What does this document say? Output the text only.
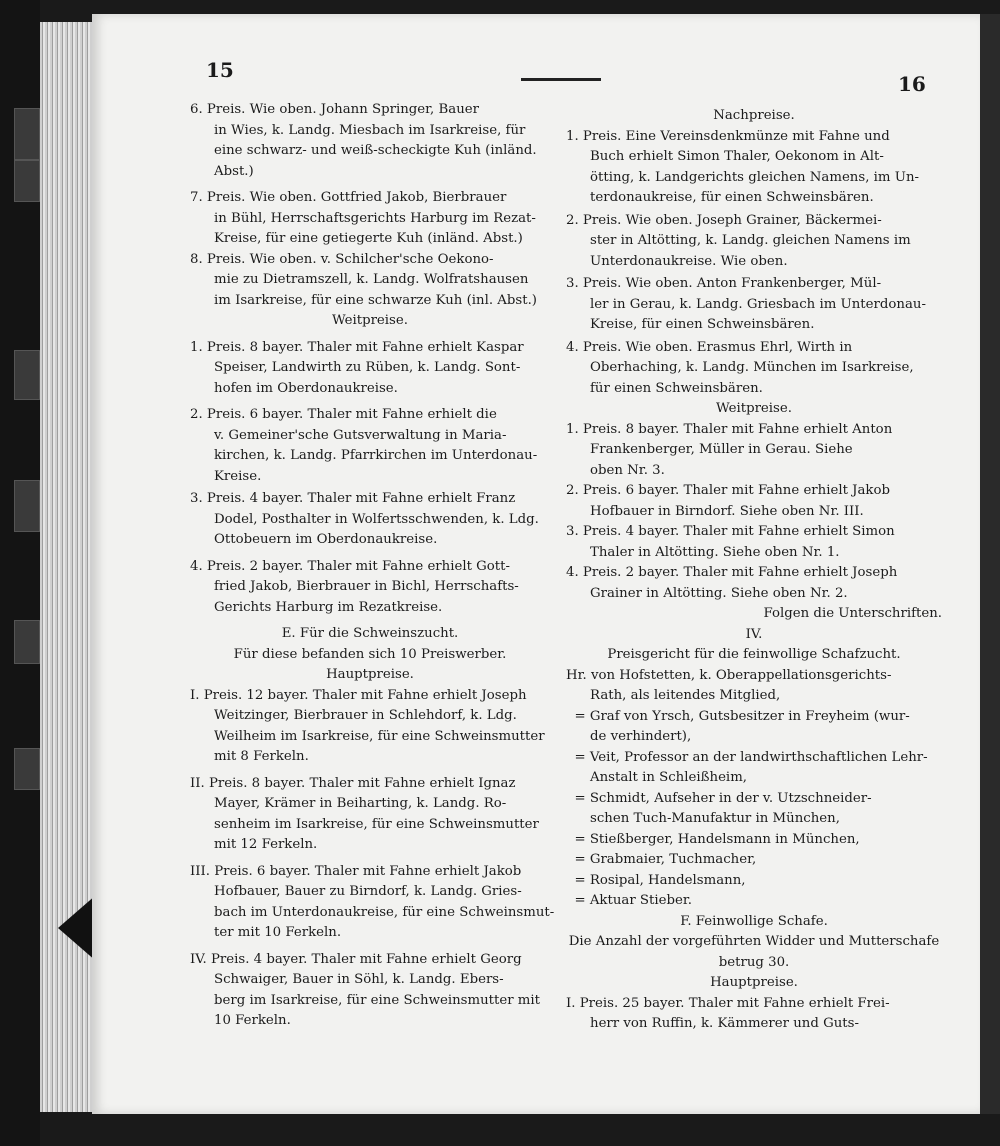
15
16
6. Preis. Wie oben. Johann Springer, Bauer
in Wies, k. Landg. Miesbach im Isarkreise, für
eine schwarz- und weiß-scheckigte Kuh (inländ.
Abst.)
7. Preis. Wie oben. Gottfried Jakob, Bierbrauer
in Bühl, Herrschaftsgerichts Harburg im Rezat-
Kreise, für eine getiegerte Kuh (inländ. Abst.)
8. Preis. Wie oben. v. Schilcher'sche Oekono-
mie zu Dietramszell, k. Landg. Wolfratshausen
im Isarkreise, für eine schwarze Kuh (inl. Abst.)
Weitpreise.
1. Preis. 8 bayer. Thaler mit Fahne erhielt Kaspar
Speiser, Landwirth zu Rüben, k. Landg. Sont-
hofen im Oberdonaukreise.
2. Preis. 6 bayer. Thaler mit Fahne erhielt die
v. Gemeiner'sche Gutsverwaltung in Maria-
kirchen, k. Landg. Pfarrkirchen im Unterdonau-
Kreise.
3. Preis. 4 bayer. Thaler mit Fahne erhielt Franz
Dodel, Posthalter in Wolfertsschwenden, k. Ldg.
Ottobeuern im Oberdonaukreise.
4. Preis. 2 bayer. Thaler mit Fahne erhielt Gott-
fried Jakob, Bierbrauer in Bichl, Herrschafts-
Gerichts Harburg im Rezatkreise.
E. Für die Schweinszucht.
Für diese befanden sich 10 Preiswerber.
Hauptpreise.
I. Preis. 12 bayer. Thaler mit Fahne erhielt Joseph
Weitzinger, Bierbrauer in Schlehdorf, k. Ldg.
Weilheim im Isarkreise, für eine Schweinsmutter
mit 8 Ferkeln.
II. Preis. 8 bayer. Thaler mit Fahne erhielt Ignaz
Mayer, Krämer in Beiharting, k. Landg. Ro-
senheim im Isarkreise, für eine Schweinsmutter
mit 12 Ferkeln.
III. Preis. 6 bayer. Thaler mit Fahne erhielt Jakob
Hofbauer, Bauer zu Birndorf, k. Landg. Gries-
bach im Unterdonaukreise, für eine Schweinsmut-
ter mit 10 Ferkeln.
IV. Preis. 4 bayer. Thaler mit Fahne erhielt Georg
Schwaiger, Bauer in Söhl, k. Landg. Ebers-
berg im Isarkreise, für eine Schweinsmutter mit
10 Ferkeln.
Nachpreise.
1. Preis. Eine Vereinsdenkmünze mit Fahne und
Buch erhielt Simon Thaler, Oekonom in Alt-
ötting, k. Landgerichts gleichen Namens, im Un-
terdonaukreise, für einen Schweinsbären.
2. Preis. Wie oben. Joseph Grainer, Bäckermei-
ster in Altötting, k. Landg. gleichen Namens im
Unterdonaukreise. Wie oben.
3. Preis. Wie oben. Anton Frankenberger, Mül-
ler in Gerau, k. Landg. Griesbach im Unterdonau-
Kreise, für einen Schweinsbären.
4. Preis. Wie oben. Erasmus Ehrl, Wirth in
Oberhaching, k. Landg. München im Isarkreise,
für einen Schweinsbären.
Weitpreise.
1. Preis. 8 bayer. Thaler mit Fahne erhielt Anton
Frankenberger, Müller in Gerau. Siehe
oben Nr. 3.
2. Preis. 6 bayer. Thaler mit Fahne erhielt Jakob
Hofbauer in Birndorf. Siehe oben Nr. III.
3. Preis. 4 bayer. Thaler mit Fahne erhielt Simon
Thaler in Altötting. Siehe oben Nr. 1.
4. Preis. 2 bayer. Thaler mit Fahne erhielt Joseph
Grainer in Altötting. Siehe oben Nr. 2.
Folgen die Unterschriften.
IV.
Preisgericht für die feinwollige Schafzucht.
Hr. von Hofstetten, k. Oberappellationsgerichts-
Rath, als leitendes Mitglied,
= Graf von Yrsch, Gutsbesitzer in Freyheim (wur-
de verhindert),
= Veit, Professor an der landwirthschaftlichen Lehr-
Anstalt in Schleißheim,
= Schmidt, Aufseher in der v. Utzschneider-
schen Tuch-Manufaktur in München,
= Stießberger, Handelsmann in München,
= Grabmaier, Tuchmacher,
= Rosipal, Handelsmann,
= Aktuar Stieber.
F. Feinwollige Schafe.
Die Anzahl der vorgeführten Widder und Mutterschafe
betrug 30.
Hauptpreise.
I. Preis. 25 bayer. Thaler mit Fahne erhielt Frei-
herr von Ruffin, k. Kämmerer und Guts-
